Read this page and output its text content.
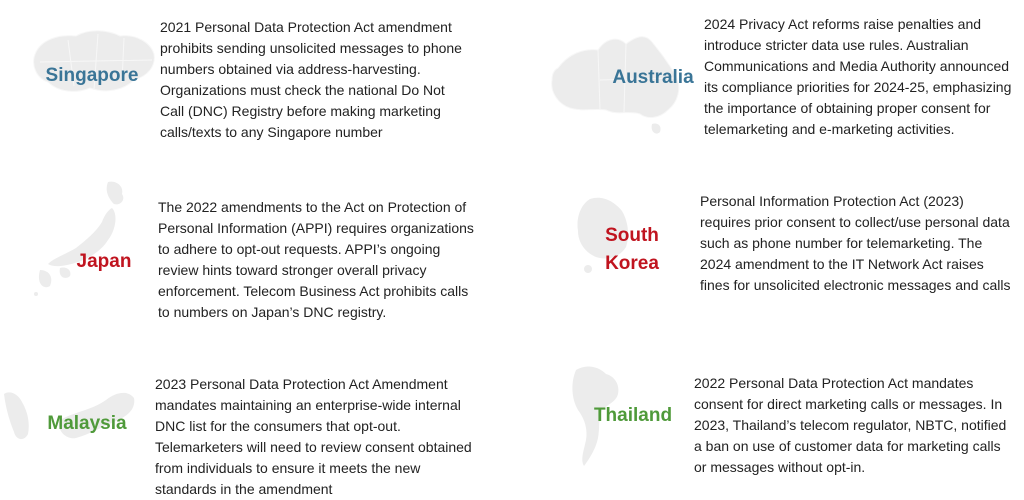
Singapore
2021 Personal Data Protection Act amendment
prohibits sending unsolicited messages to phone
numbers obtained via address-harvesting.
Organizations must check the national Do Not
Call (DNC) Registry before making marketing
calls/texts to any Singapore number
Japan
The 2022 amendments to the Act on Protection of
Personal Information (APPI) requires organizations
to adhere to opt-out requests. APPI’s ongoing
review hints toward stronger overall privacy
enforcement. Telecom Business Act prohibits calls
to numbers on Japan’s DNC registry.
Malaysia
2023 Personal Data Protection Act Amendment
mandates maintaining an enterprise-wide internal
DNC list for the consumers that opt-out.
Telemarketers will need to review consent obtained
from individuals to ensure it meets the new
standards in the amendment
Australia
2024 Privacy Act reforms raise penalties and
introduce stricter data use rules. Australian
Communications and Media Authority announced
its compliance priorities for 2024-25, emphasizing
the importance of obtaining proper consent for
telemarketing and e-marketing activities.
South
Korea
Personal Information Protection Act (2023)
requires prior consent to collect/use personal data
such as phone number for telemarketing. The
2024 amendment to the IT Network Act raises
fines for unsolicited electronic messages and calls
Thailand
2022 Personal Data Protection Act mandates
consent for direct marketing calls or messages. In
2023, Thailand’s telecom regulator, NBTC, notified
a ban on use of customer data for marketing calls
or messages without opt-in.
